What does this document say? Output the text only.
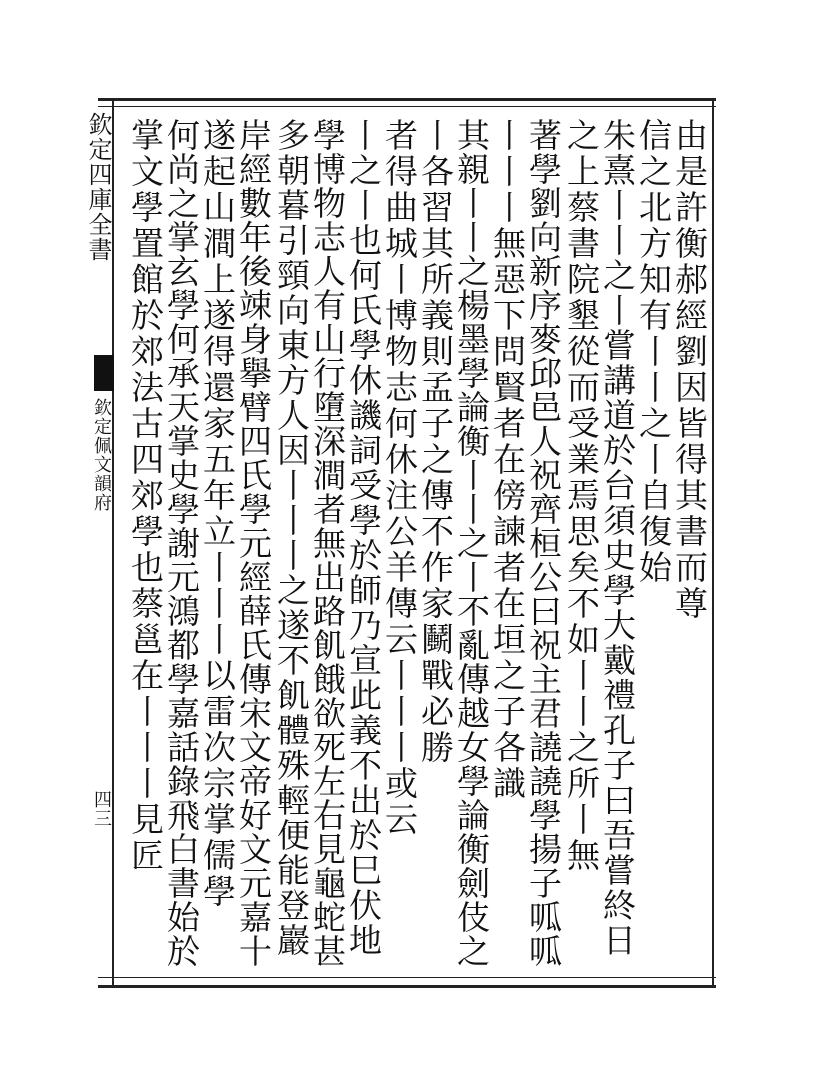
欽定四庫全書
欽定佩文韻府
四三
由是許衡郝經劉因皆得其書而尊
信之北方知有丨丨之丨自復始
朱熹丨丨之丨嘗講道於台須史學大戴禮孔子曰吾嘗終日
之上蔡書院墾從而受業焉思矣不如丨丨之所丨無
著學劉向新序麥邱邑人祝齊桓公曰祝主君譊譊學揚子呱呱
丨丨丨無惡下問賢者在傍諫者在垣之子各識
其親丨丨之楊墨學論衡丨丨之丨不亂傳越女學論衡劍伎之
丨各習其所義則孟子之傳不作家鬭戰必勝
者得曲城丨博物志何休注公羊傳云丨丨丨或云
丨之丨也何氏學休譏詞受學於師乃宣此義不出於巳伏地
學博物志人有山行墮深澗者無出路飢餓欲死左右見龜蛇甚
多朝暮引頸向東方人因丨丨丨之遂不飢體殊輕便能登巖
岸經數年後竦身擧臂四氏學元經薛氏傳宋文帝好文元嘉十
遂起山澗上遂得還家五年立丨丨丨以雷次宗掌儒學
何尚之掌玄學何承天掌史學謝元鴻都學嘉話錄飛白書始於
掌文學置館於郊法古四郊學也蔡邕在丨丨丨見匠
